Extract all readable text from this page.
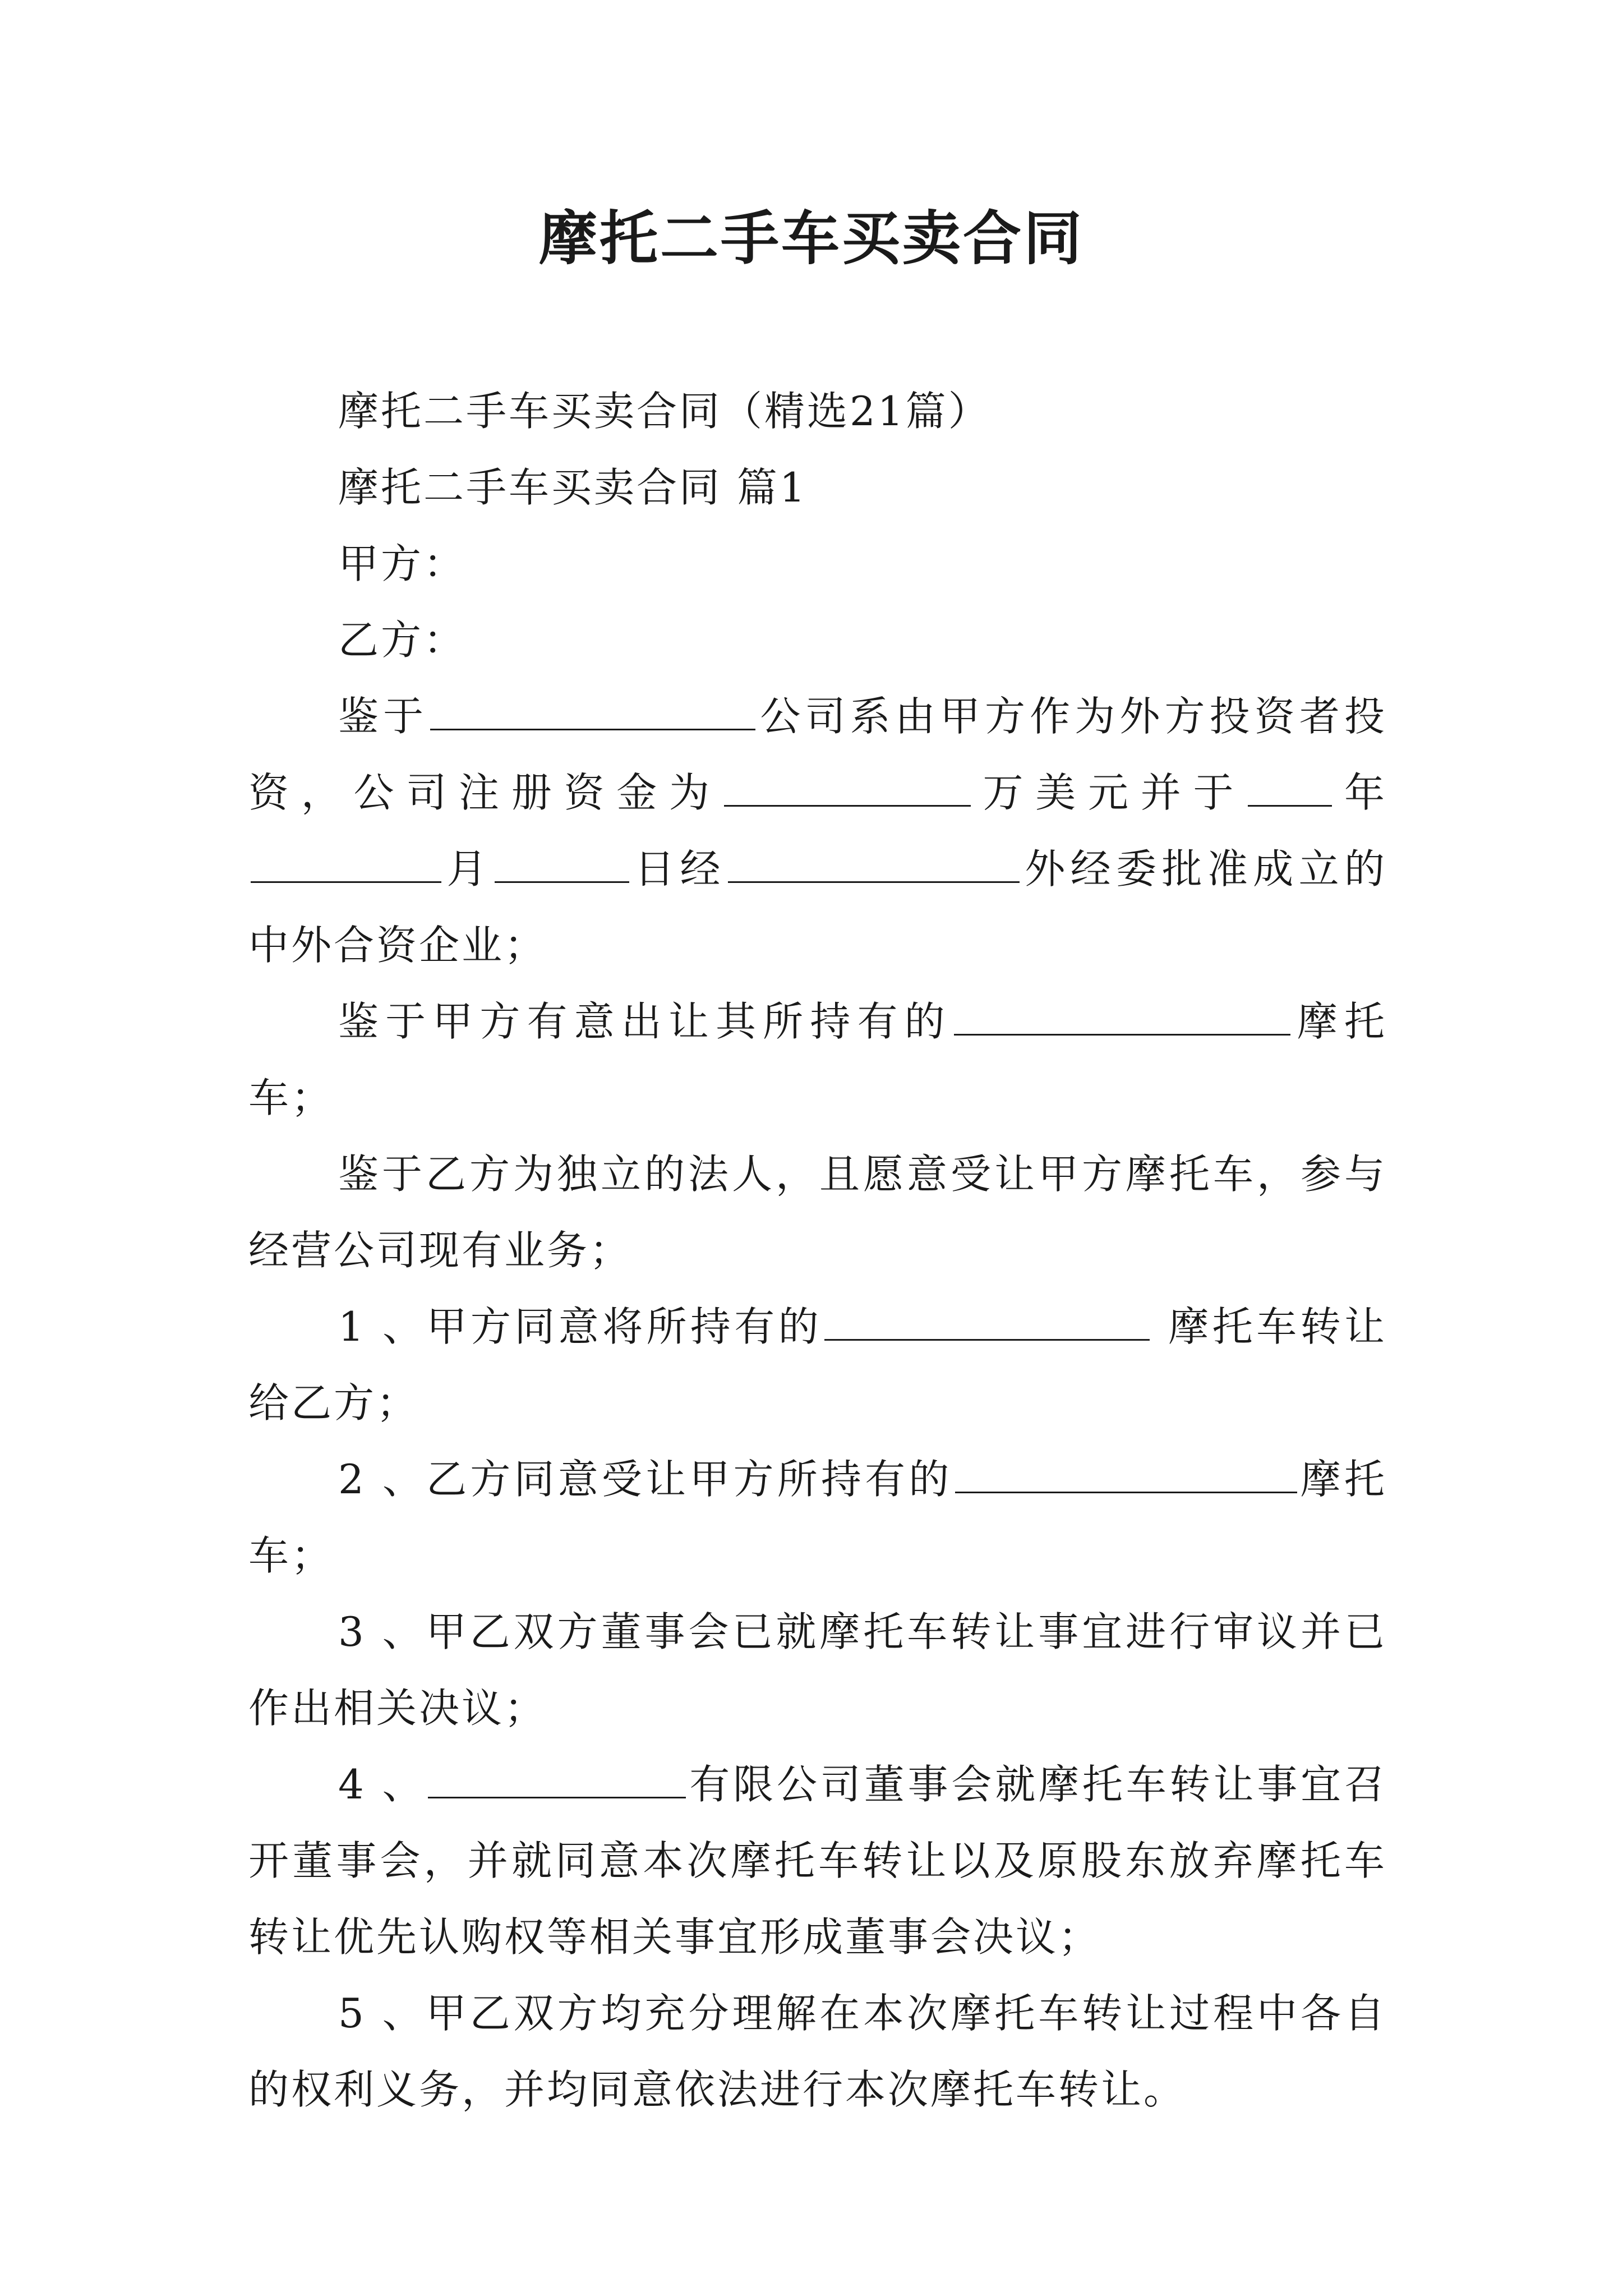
摩托二手车买卖合同

摩托二手车买卖合同（精选21篇）

摩托二手车买卖合同 篇1

甲方：

乙方：

鉴于	公司系由甲方作为外方投资者投资，公司注册资金为	万美元并于 年月	日经	外经委批准成立的中外合资企业；

鉴于甲方有意出让其所持有的	摩托车；

鉴于乙方为独立的法人，且愿意受让甲方摩托车，参与经营公司现有业务；

1 、甲方同意将所持有的	摩托车转让给乙方；

2 、乙方同意受让甲方所持有的	摩托车；

3 、甲乙双方董事会已就摩托车转让事宜进行审议并已作出相关决议；

4 、	有限公司董事会就摩托车转让事宜召开董事会，并就同意本次摩托车转让以及原股东放弃摩托车转让优先认购权等相关事宜形成董事会决议；

5 、甲乙双方均充分理解在本次摩托车转让过程中各自的权利义务，并均同意依法进行本次摩托车转让。
